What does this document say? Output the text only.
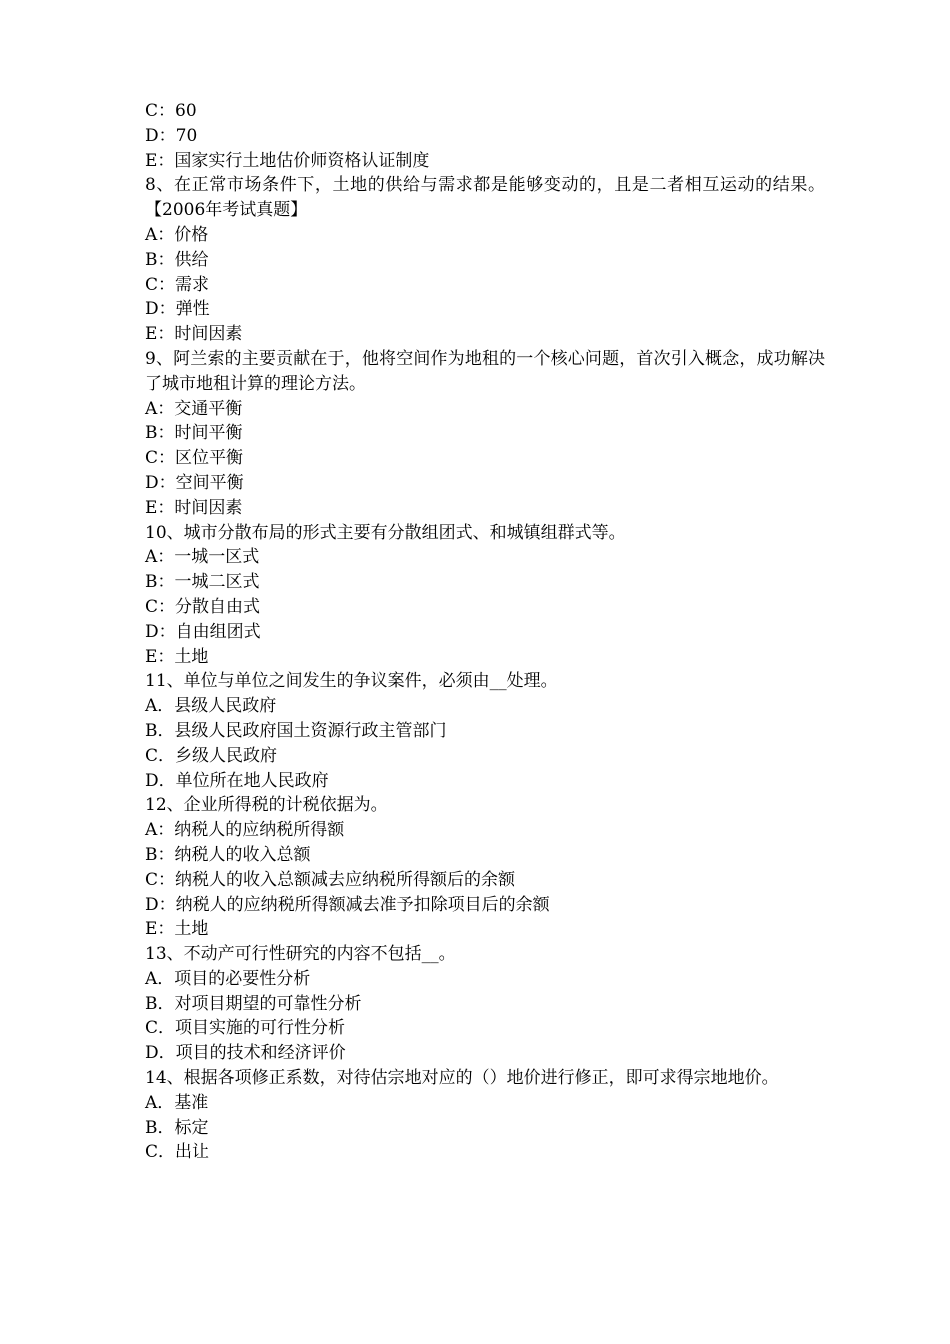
C：60
D：70
E：国家实行土地估价师资格认证制度
8、在正常市场条件下，土地的供给与需求都是能够变动的，且是二者相互运动的结果。【2006年考试真题】
A：价格
B：供给
C：需求
D：弹性
E：时间因素
9、阿兰索的主要贡献在于，他将空间作为地租的一个核心问题，首次引入概念，成功解决了城市地租计算的理论方法。
A：交通平衡
B：时间平衡
C：区位平衡
D：空间平衡
E：时间因素
10、城市分散布局的形式主要有分散组团式、和城镇组群式等。
A：一城一区式
B：一城二区式
C：分散自由式
D：自由组团式
E：土地
11、单位与单位之间发生的争议案件，必须由__处理。
A．县级人民政府
B．县级人民政府国土资源行政主管部门
C．乡级人民政府
D．单位所在地人民政府
12、企业所得税的计税依据为。
A：纳税人的应纳税所得额
B：纳税人的收入总额
C：纳税人的收入总额减去应纳税所得额后的余额
D：纳税人的应纳税所得额减去准予扣除项目后的余额
E：土地
13、不动产可行性研究的内容不包括__。
A．项目的必要性分析
B．对项目期望的可靠性分析
C．项目实施的可行性分析
D．项目的技术和经济评价
14、根据各项修正系数，对待估宗地对应的（）地价进行修正，即可求得宗地地价。
A．基准
B．标定
C．出让
